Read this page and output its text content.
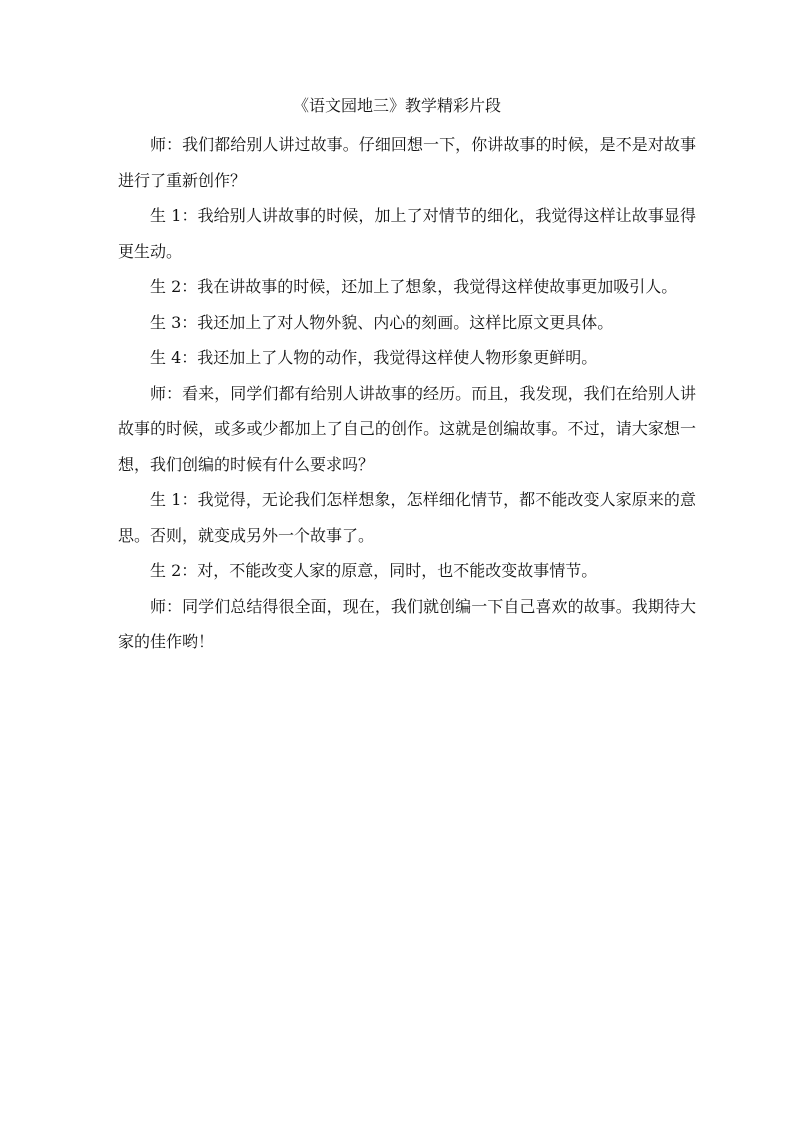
《语文园地三》教学精彩片段

师：我们都给别人讲过故事。仔细回想一下，你讲故事的时候，是不是对故事进行了重新创作？

生 1：我给别人讲故事的时候，加上了对情节的细化，我觉得这样让故事显得更生动。

生 2：我在讲故事的时候，还加上了想象，我觉得这样使故事更加吸引人。

生 3：我还加上了对人物外貌、内心的刻画。这样比原文更具体。

生 4：我还加上了人物的动作，我觉得这样使人物形象更鲜明。

师：看来，同学们都有给别人讲故事的经历。而且，我发现，我们在给别人讲故事的时候，或多或少都加上了自己的创作。这就是创编故事。不过，请大家想一想，我们创编的时候有什么要求吗？

生 1：我觉得，无论我们怎样想象，怎样细化情节，都不能改变人家原来的意思。否则，就变成另外一个故事了。

生 2：对，不能改变人家的原意，同时，也不能改变故事情节。

师：同学们总结得很全面，现在，我们就创编一下自己喜欢的故事。我期待大家的佳作哟！
